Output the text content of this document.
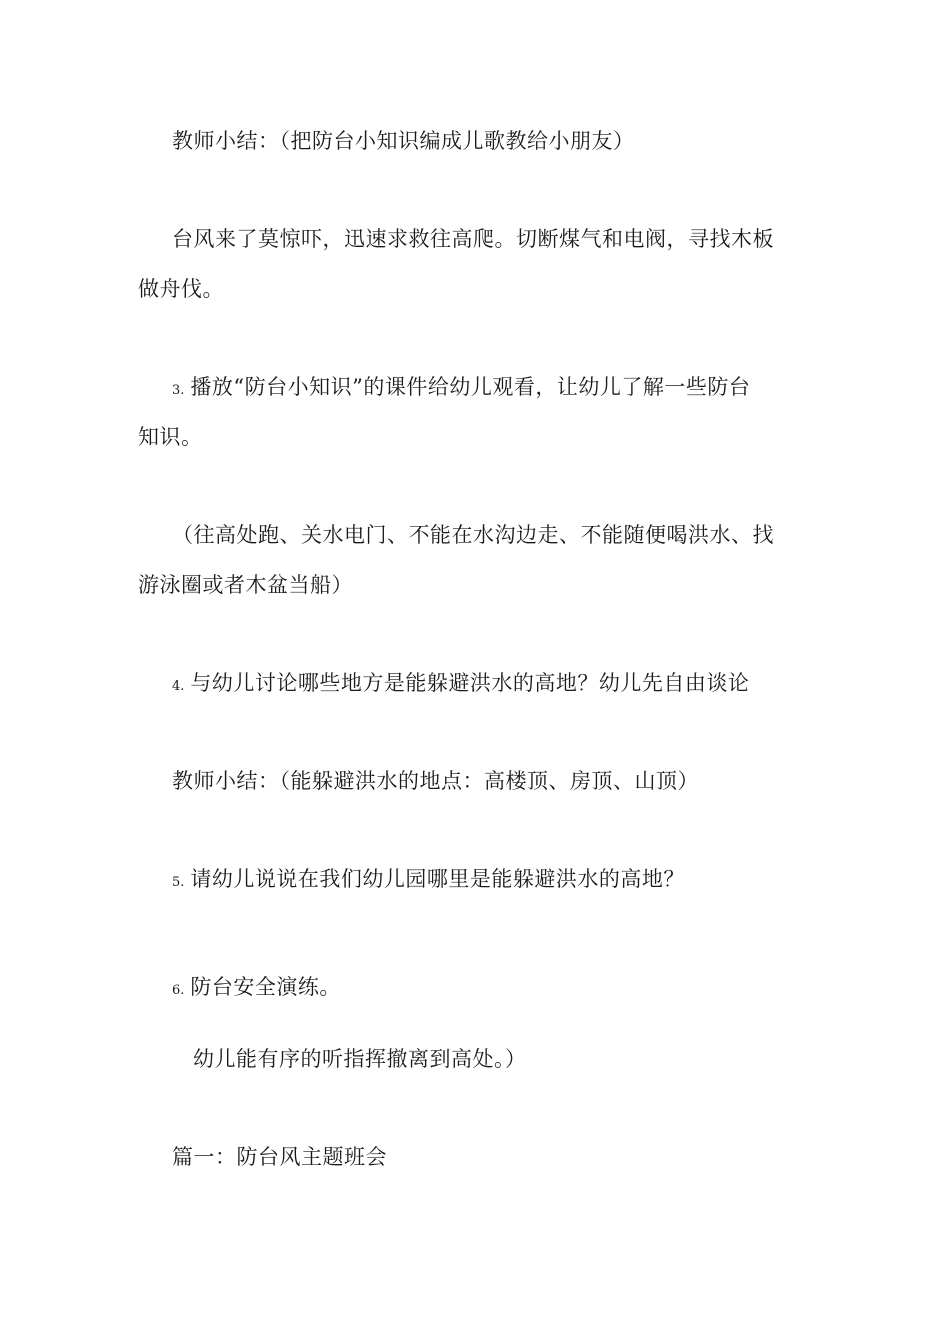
教师小结：（把防台小知识编成儿歌教给小朋友）
台风来了莫惊吓，迅速求救往高爬。切断煤气和电阀，寻找木板
做舟伐。
3. 播放“防台小知识”的课件给幼儿观看，让幼儿了解一些防台
知识。
（往高处跑、关水电门、不能在水沟边走、不能随便喝洪水、找
游泳圈或者木盆当船）
4. 与幼儿讨论哪些地方是能躲避洪水的高地？幼儿先自由谈论
教师小结：（能躲避洪水的地点：高楼顶、房顶、山顶）
5. 请幼儿说说在我们幼儿园哪里是能躲避洪水的高地？
6. 防台安全演练。
幼儿能有序的听指挥撤离到高处。）
篇一：防台风主题班会
